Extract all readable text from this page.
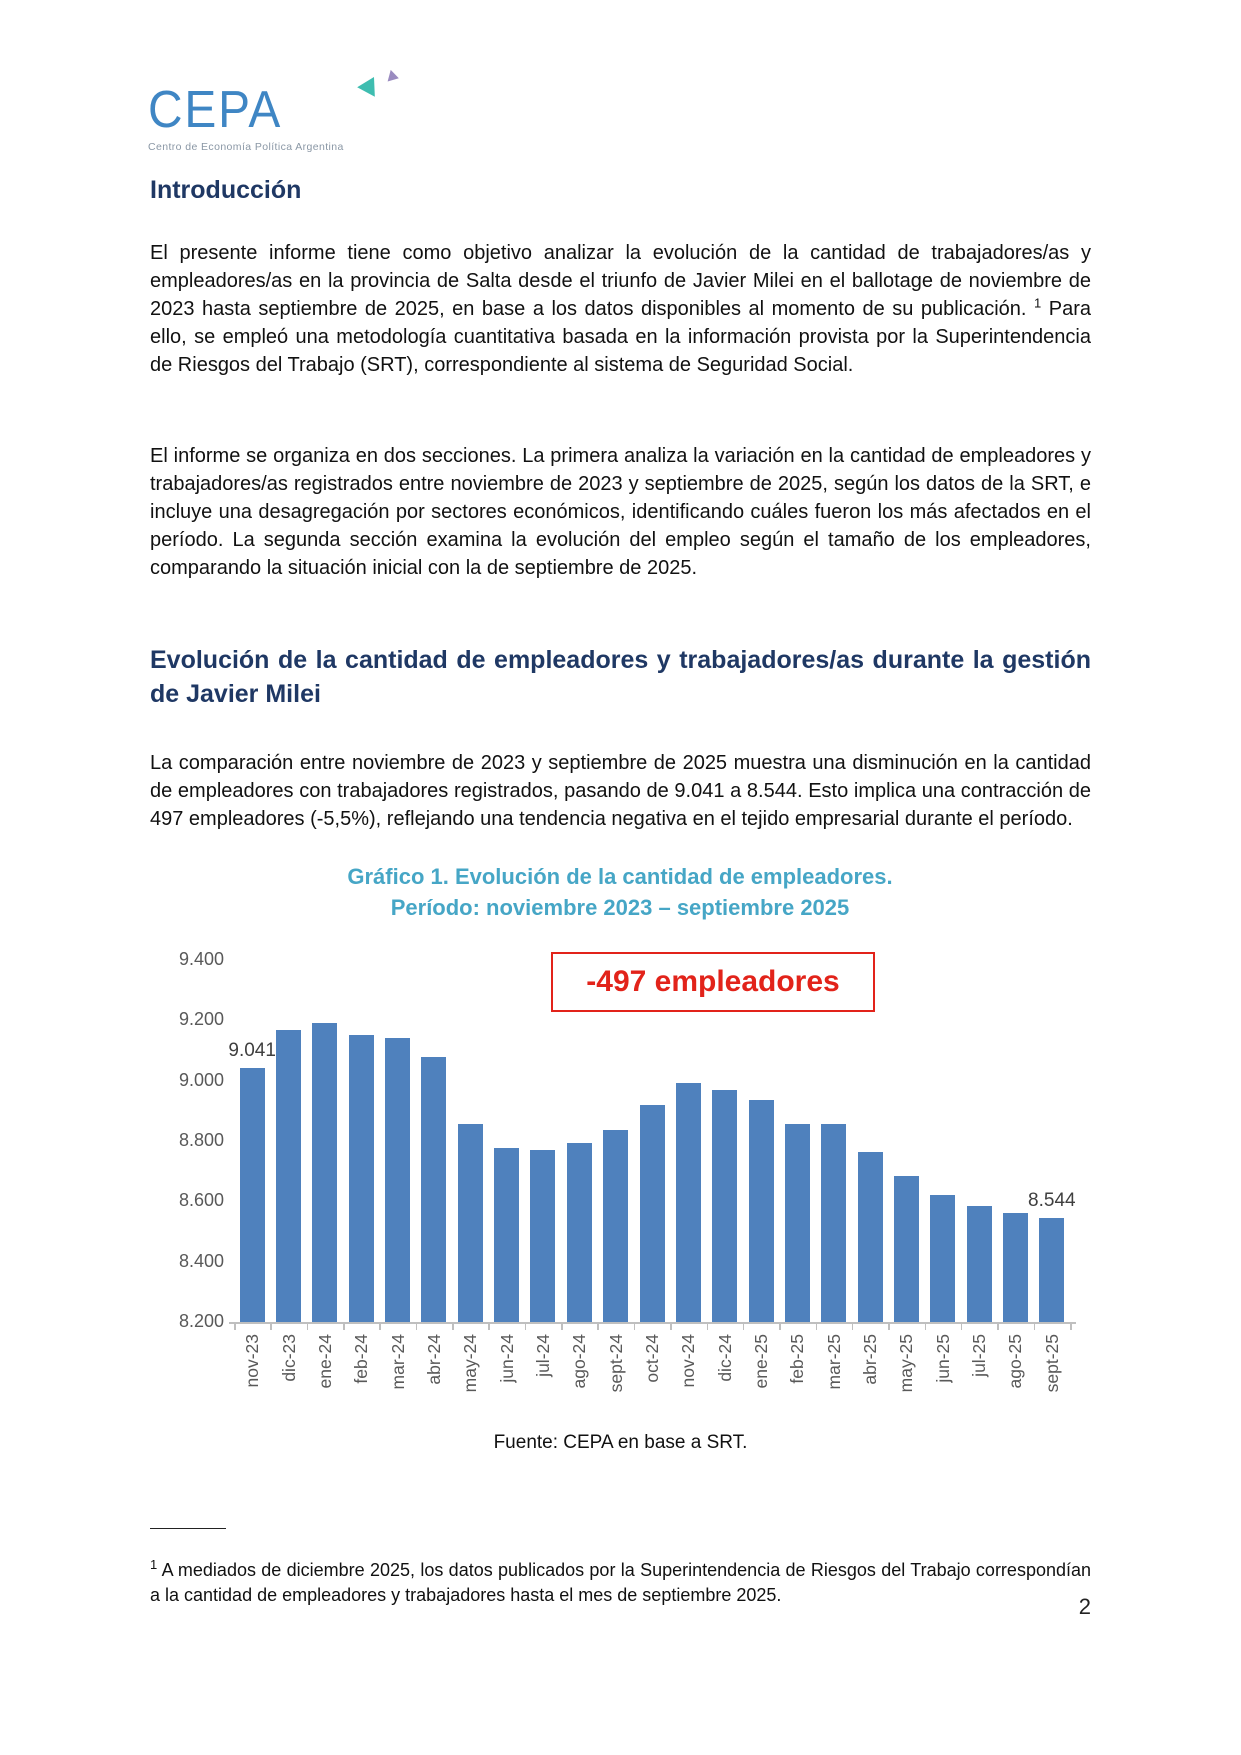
CEPA
Centro de Economía Política Argentina
Introducción

El presente informe tiene como objetivo analizar la evolución de la cantidad de trabajadores/as y empleadores/as en la provincia de Salta desde el triunfo de Javier Milei en el ballotage de noviembre de 2023 hasta septiembre de 2025, en base a los datos disponibles al momento de su publicación. $^1$ Para ello, se empleó una metodología cuantitativa basada en la información provista por la Superintendencia de Riesgos del Trabajo (SRT), correspondiente al sistema de Seguridad Social.

El informe se organiza en dos secciones. La primera analiza la variación en la cantidad de empleadores y trabajadores/as registrados entre noviembre de 2023 y septiembre de 2025, según los datos de la SRT, e incluye una desagregación por sectores económicos, identificando cuáles fueron los más afectados en el período. La segunda sección examina la evolución del empleo según el tamaño de los empleadores, comparando la situación inicial con la de septiembre de 2025.

Evolución de la cantidad de empleadores y trabajadores/as durante la gestión de Javier Milei

La comparación entre noviembre de 2023 y septiembre de 2025 muestra una disminución en la cantidad de empleadores con trabajadores registrados, pasando de 9.041 a 8.544. Esto implica una contracción de 497 empleadores (-5,5%), reflejando una tendencia negativa en el tejido empresarial durante el período.

Gráfico 1. Evolución de la cantidad de empleadores.
Período: noviembre 2023 – septiembre 2025
8.200
8.400
8.600
8.800
9.000
9.200
9.400
nov-23 dic-23 ene-24 feb-24 mar-24 abr-24 may-24 jun-24 jul-24 ago-24 sept-24 oct-24 nov-24 dic-24 ene-25 feb-25 mar-25 abr-25 may-25 jun-25 jul-25 ago-25 sept-25
9.041
8.544
-497 empleadores
Fuente: CEPA en base a SRT.

$^1$ A mediados de diciembre 2025, los datos publicados por la Superintendencia de Riesgos del Trabajo correspondían a la cantidad de empleadores y trabajadores hasta el mes de septiembre 2025.	2
